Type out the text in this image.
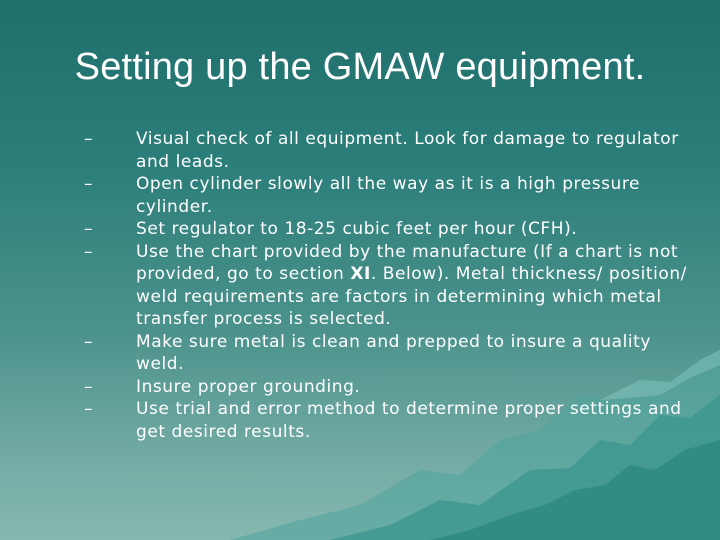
Setting up the GMAW equipment.
–	Visual check of all equipment. Look for damage to regulator and leads.
–	Open cylinder slowly all the way as it is a high pressure cylinder.
–	Set regulator to 18-25 cubic feet per hour (CFH).
–	Use the chart provided by the manufacture (If a chart is not provided, go to section XI. Below). Metal thickness/ position/ weld requirements are factors in determining which metal transfer process is selected.
–	Make sure metal is clean and prepped to insure a quality weld.
–	Insure proper grounding.
–	Use trial and error method to determine proper settings and get desired results.
